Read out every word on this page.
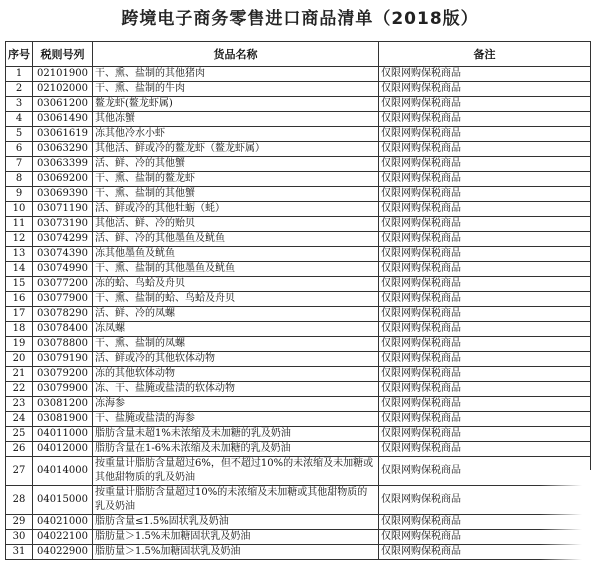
跨境电子商务零售进口商品清单（2018版）
序号	税则号列	货品名称	备注
1	02101900	干、熏、盐制的其他猪肉	仅限网购保税商品
2	02102000	干、熏、盐制的牛肉	仅限网购保税商品
3	03061200	鳌龙虾(鳌龙虾属)	仅限网购保税商品
4	03061490	其他冻蟹	仅限网购保税商品
5	03061619	冻其他冷水小虾	仅限网购保税商品
6	03063290	其他活、鲜或冷的鳌龙虾（鳌龙虾属）	仅限网购保税商品
7	03063399	活、鲜、冷的其他蟹	仅限网购保税商品
8	03069200	干、熏、盐制的鳌龙虾	仅限网购保税商品
9	03069390	干、熏、盐制的其他蟹	仅限网购保税商品
10	03071190	活、鲜或冷的其他牡蛎（蚝）	仅限网购保税商品
11	03073190	其他活、鲜、冷的贻贝	仅限网购保税商品
12	03074299	活、鲜、冷的其他墨鱼及鱿鱼	仅限网购保税商品
13	03074390	冻其他墨鱼及鱿鱼	仅限网购保税商品
14	03074990	干、熏、盐制的其他墨鱼及鱿鱼	仅限网购保税商品
15	03077200	冻的蛤、鸟蛤及舟贝	仅限网购保税商品
16	03077900	干、熏、盐制的蛤、鸟蛤及舟贝	仅限网购保税商品
17	03078290	活、鲜、冷的凤螺	仅限网购保税商品
18	03078400	冻凤螺	仅限网购保税商品
19	03078800	干、熏、盐制的凤螺	仅限网购保税商品
20	03079190	活、鲜或冷的其他软体动物	仅限网购保税商品
21	03079200	冻的其他软体动物	仅限网购保税商品
22	03079900	冻、干、盐腌或盐渍的软体动物	仅限网购保税商品
23	03081200	冻海参	仅限网购保税商品
24	03081900	干、盐腌或盐渍的海参	仅限网购保税商品
25	04011000	脂肪含量未超1%未浓缩及未加糖的乳及奶油	仅限网购保税商品
26	04012000	脂肪含量在1-6%未浓缩及未加糖的乳及奶油	仅限网购保税商品
27	04014000	按重量计脂肪含量超过6%，但不超过10%的未浓缩及未加糖或其他甜物质的乳及奶油	仅限网购保税商品
28	04015000	按重量计脂肪含量超过10%的未浓缩及未加糖或其他甜物质的乳及奶油	仅限网购保税商品
29	04021000	脂肪含量≤1.5%固状乳及奶油	仅限网购保税商品
30	04022100	脂肪量＞1.5%未加糖固状乳及奶油	仅限网购保税商品
31	04022900	脂肪量＞1.5%加糖固状乳及奶油	仅限网购保税商品
